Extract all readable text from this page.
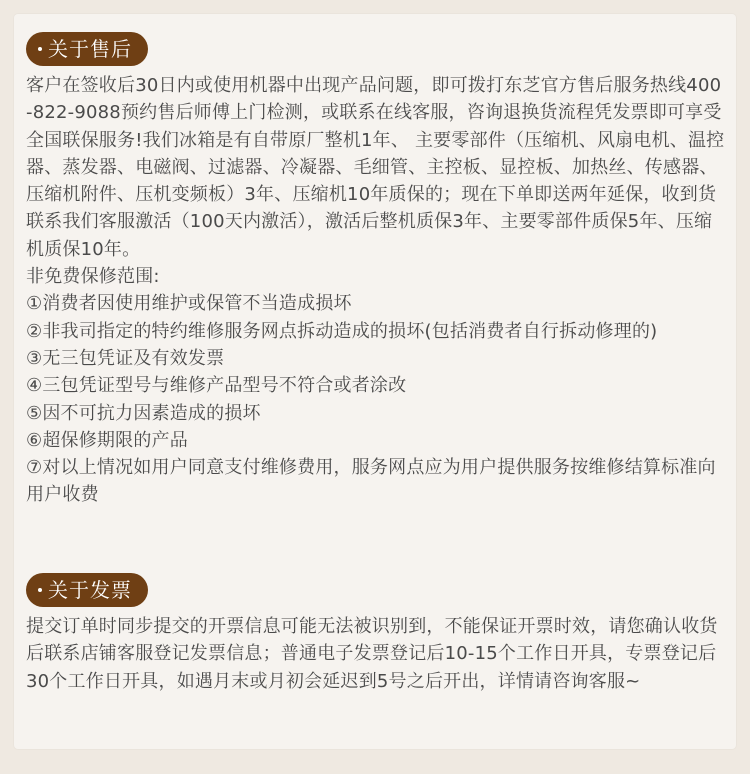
关于售后
客户在签收后30日内或使用机器中出现产品问题，即可拨打东芝官方售后服务热线400-822-9088预约售后师傅上门检测，或联系在线客服，咨询退换货流程凭发票即可享受全国联保服务!我们冰箱是有自带原厂整机1年、 主要零部件（压缩机、风扇电机、温控器、蒸发器、电磁阀、过滤器、冷凝器、毛细管、主控板、显控板、加热丝、传感器、压缩机附件、压机变频板）3年、压缩机10年质保的；现在下单即送两年延保，收到货联系我们客服激活（100天内激活），激活后整机质保3年、主要零部件质保5年、压缩机质保10年。
非免费保修范围:
①消费者因使用维护或保管不当造成损坏
②非我司指定的特约维修服务网点拆动造成的损坏(包括消费者自行拆动修理的)
③无三包凭证及有效发票
④三包凭证型号与维修产品型号不符合或者涂改
⑤因不可抗力因素造成的损坏
⑥超保修期限的产品
⑦对以上情况如用户同意支付维修费用，服务网点应为用户提供服务按维修结算标准向用户收费
关于发票
提交订单时同步提交的开票信息可能无法被识别到，不能保证开票时效，请您确认收货后联系店铺客服登记发票信息；普通电子发票登记后10-15个工作日开具，专票登记后30个工作日开具，如遇月末或月初会延迟到5号之后开出，详情请咨询客服~
